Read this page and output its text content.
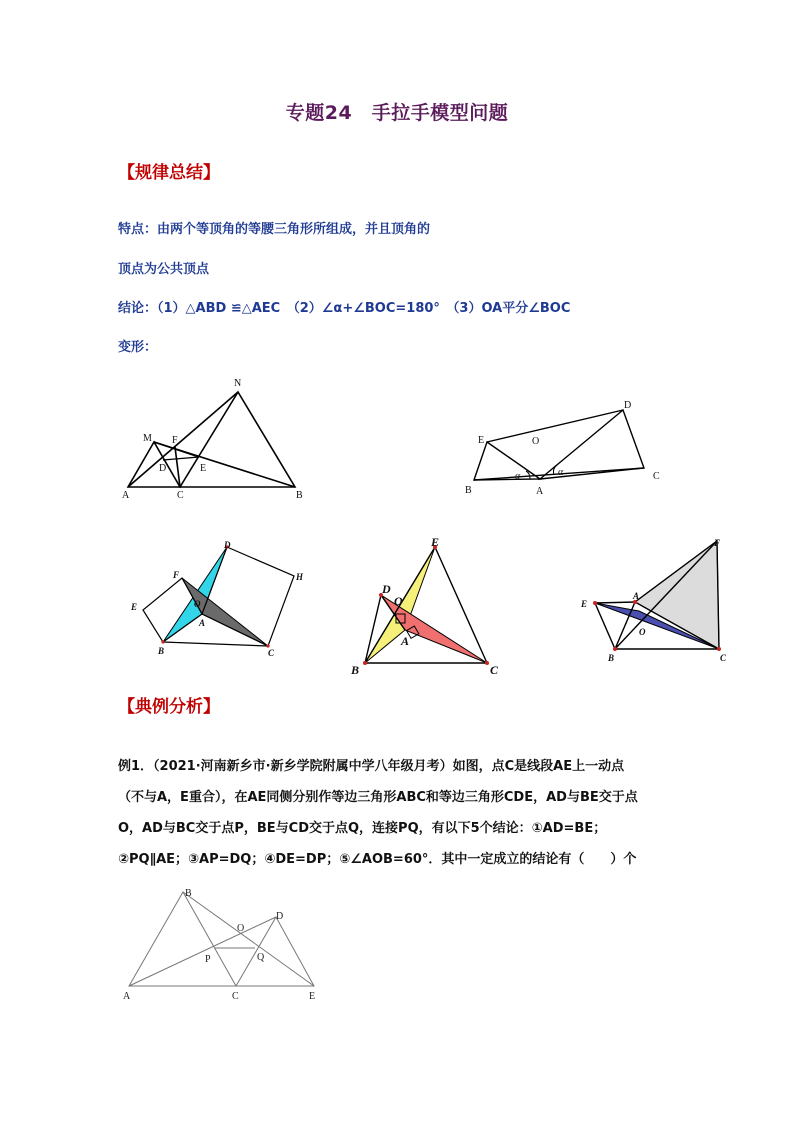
专题24　手拉手模型问题
【规律总结】
特点：由两个等顶角的等腰三角形所组成，并且顶角的
顶点为公共顶点
结论：（1）△ABD ≌△AEC　（2）∠α+∠BOC=180°　（3）OA平分∠BOC
变形：
N
M F
D	E
A	C	B
D
E	O
B	A
C
α	α
D
F	H
E	O
A
B	C
E
D
O
A
B	C
F
E
A
O
B	C
【典例分析】
例1．（2021·河南新乡市·新乡学院附属中学八年级月考）如图，点C是线段AE上一动点
（不与A，E重合），在AE同侧分别作等边三角形ABC和等边三角形CDE，AD与BE交于点
O，AD与BC交于点P，BE与CD交于点Q，连接PQ，有以下5个结论：①AD=BE；
②PQ∥AE；③AP=DQ；④DE=DP；⑤∠AOB=60°．其中一定成立的结论有（　　）个
B
D
O
P	Q
A	C	E
